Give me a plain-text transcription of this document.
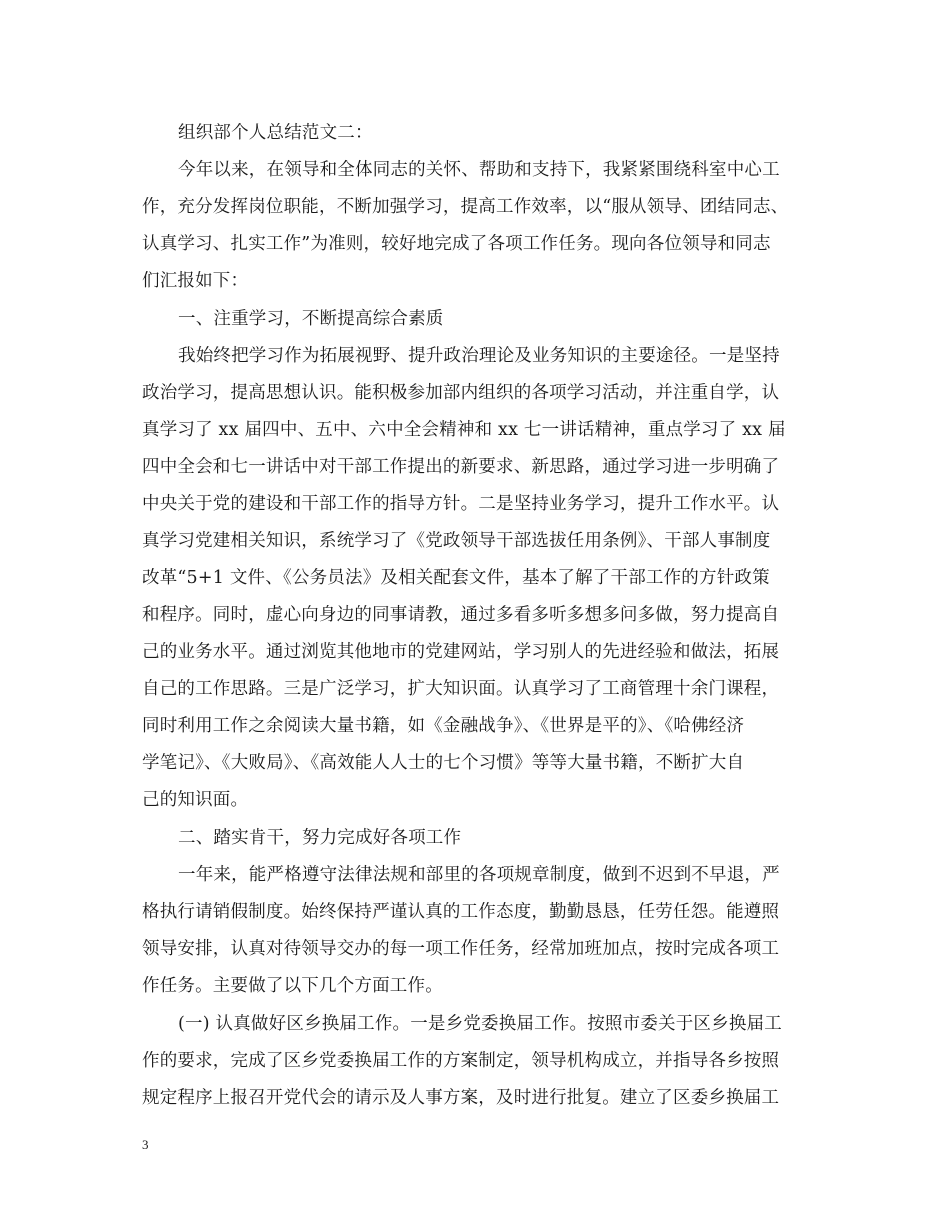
组织部个人总结范文二：
今年以来，在领导和全体同志的关怀、帮助和支持下，我紧紧围绕科室中心工
作，充分发挥岗位职能，不断加强学习，提高工作效率，以“服从领导、团结同志、
认真学习、扎实工作”为准则，较好地完成了各项工作任务。现向各位领导和同志
们汇报如下：
一、注重学习，不断提高综合素质
我始终把学习作为拓展视野、提升政治理论及业务知识的主要途径。一是坚持
政治学习，提高思想认识。能积极参加部内组织的各项学习活动，并注重自学，认
真学习了 xx 届四中、五中、六中全会精神和 xx 七一讲话精神，重点学习了 xx 届
四中全会和七一讲话中对干部工作提出的新要求、新思路，通过学习进一步明确了
中央关于党的建设和干部工作的指导方针。二是坚持业务学习，提升工作水平。认
真学习党建相关知识，系统学习了《党政领导干部选拔任用条例》、干部人事制度
改革“5+1 文件、《公务员法》及相关配套文件，基本了解了干部工作的方针政策
和程序。同时，虚心向身边的同事请教，通过多看多听多想多问多做，努力提高自
己的业务水平。通过浏览其他地市的党建网站，学习别人的先进经验和做法，拓展
自己的工作思路。三是广泛学习，扩大知识面。认真学习了工商管理十余门课程，
同时利用工作之余阅读大量书籍，如《金融战争》、《世界是平的》、《哈佛经济
学笔记》、《大败局》、《高效能人人士的七个习惯》等等大量书籍，不断扩大自
己的知识面。
二、踏实肯干，努力完成好各项工作
一年来，能严格遵守法律法规和部里的各项规章制度，做到不迟到不早退，严
格执行请销假制度。始终保持严谨认真的工作态度，勤勤恳恳，任劳任怨。能遵照
领导安排，认真对待领导交办的每一项工作任务，经常加班加点，按时完成各项工
作任务。主要做了以下几个方面工作。
(一) 认真做好区乡换届工作。一是乡党委换届工作。按照市委关于区乡换届工
作的要求，完成了区乡党委换届工作的方案制定，领导机构成立，并指导各乡按照
规定程序上报召开党代会的请示及人事方案，及时进行批复。建立了区委乡换届工
3
